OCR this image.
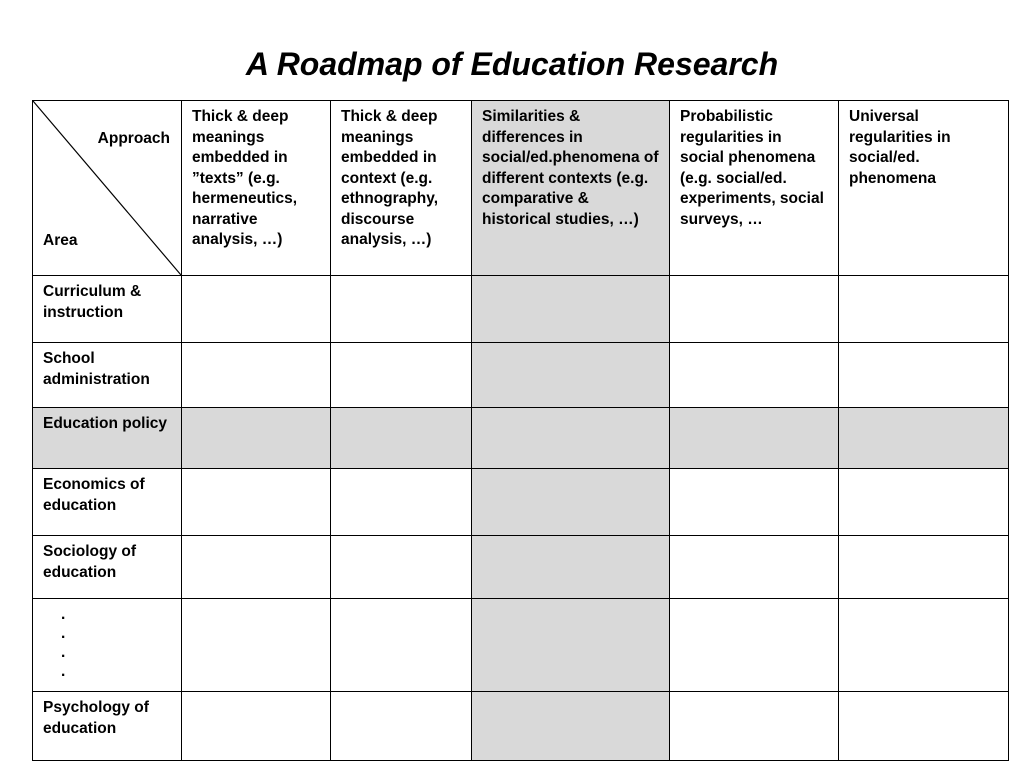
A Roadmap of Education Research
Approach
Area	Thick & deep meanings embedded in ”texts” (e.g. hermeneutics, narrative analysis, …)	Thick & deep meanings embedded in context (e.g. ethnography, discourse analysis, …)	Similarities & differences in social/ed.phenomena of different contexts (e.g. comparative & historical studies, …)	Probabilistic regularities in social phenomena (e.g. social/ed. experiments, social surveys, …	Universal regularities in social/ed. phenomena
Curriculum & instruction					
School administration					
Education policy					
Economics of education					
Sociology of education					

.
.
.
.					

Psychology of education					
